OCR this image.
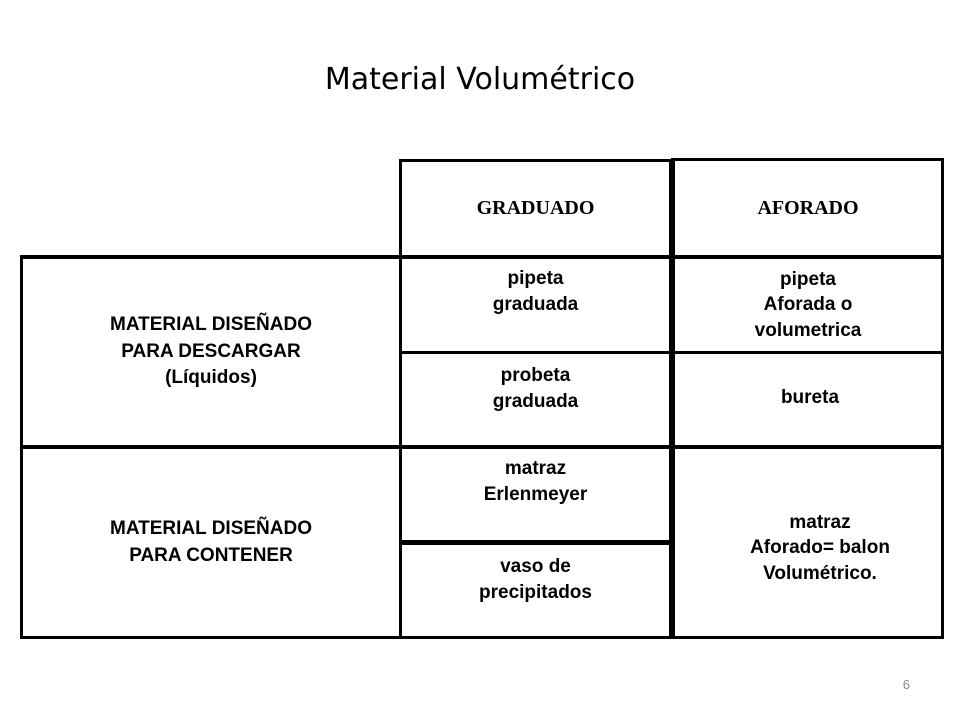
Material Volumétrico
GRADUADO	AFORADO
MATERIAL DISEÑADO
PARA DESCARGAR
(Líquidos)
MATERIAL DISEÑADO
PARA CONTENER
pipeta
graduada
probeta
graduada
matraz
Erlenmeyer
vaso de
precipitados
pipeta
Aforada o
volumetrica
bureta
matraz
Aforado= balon
Volumétrico.
6
